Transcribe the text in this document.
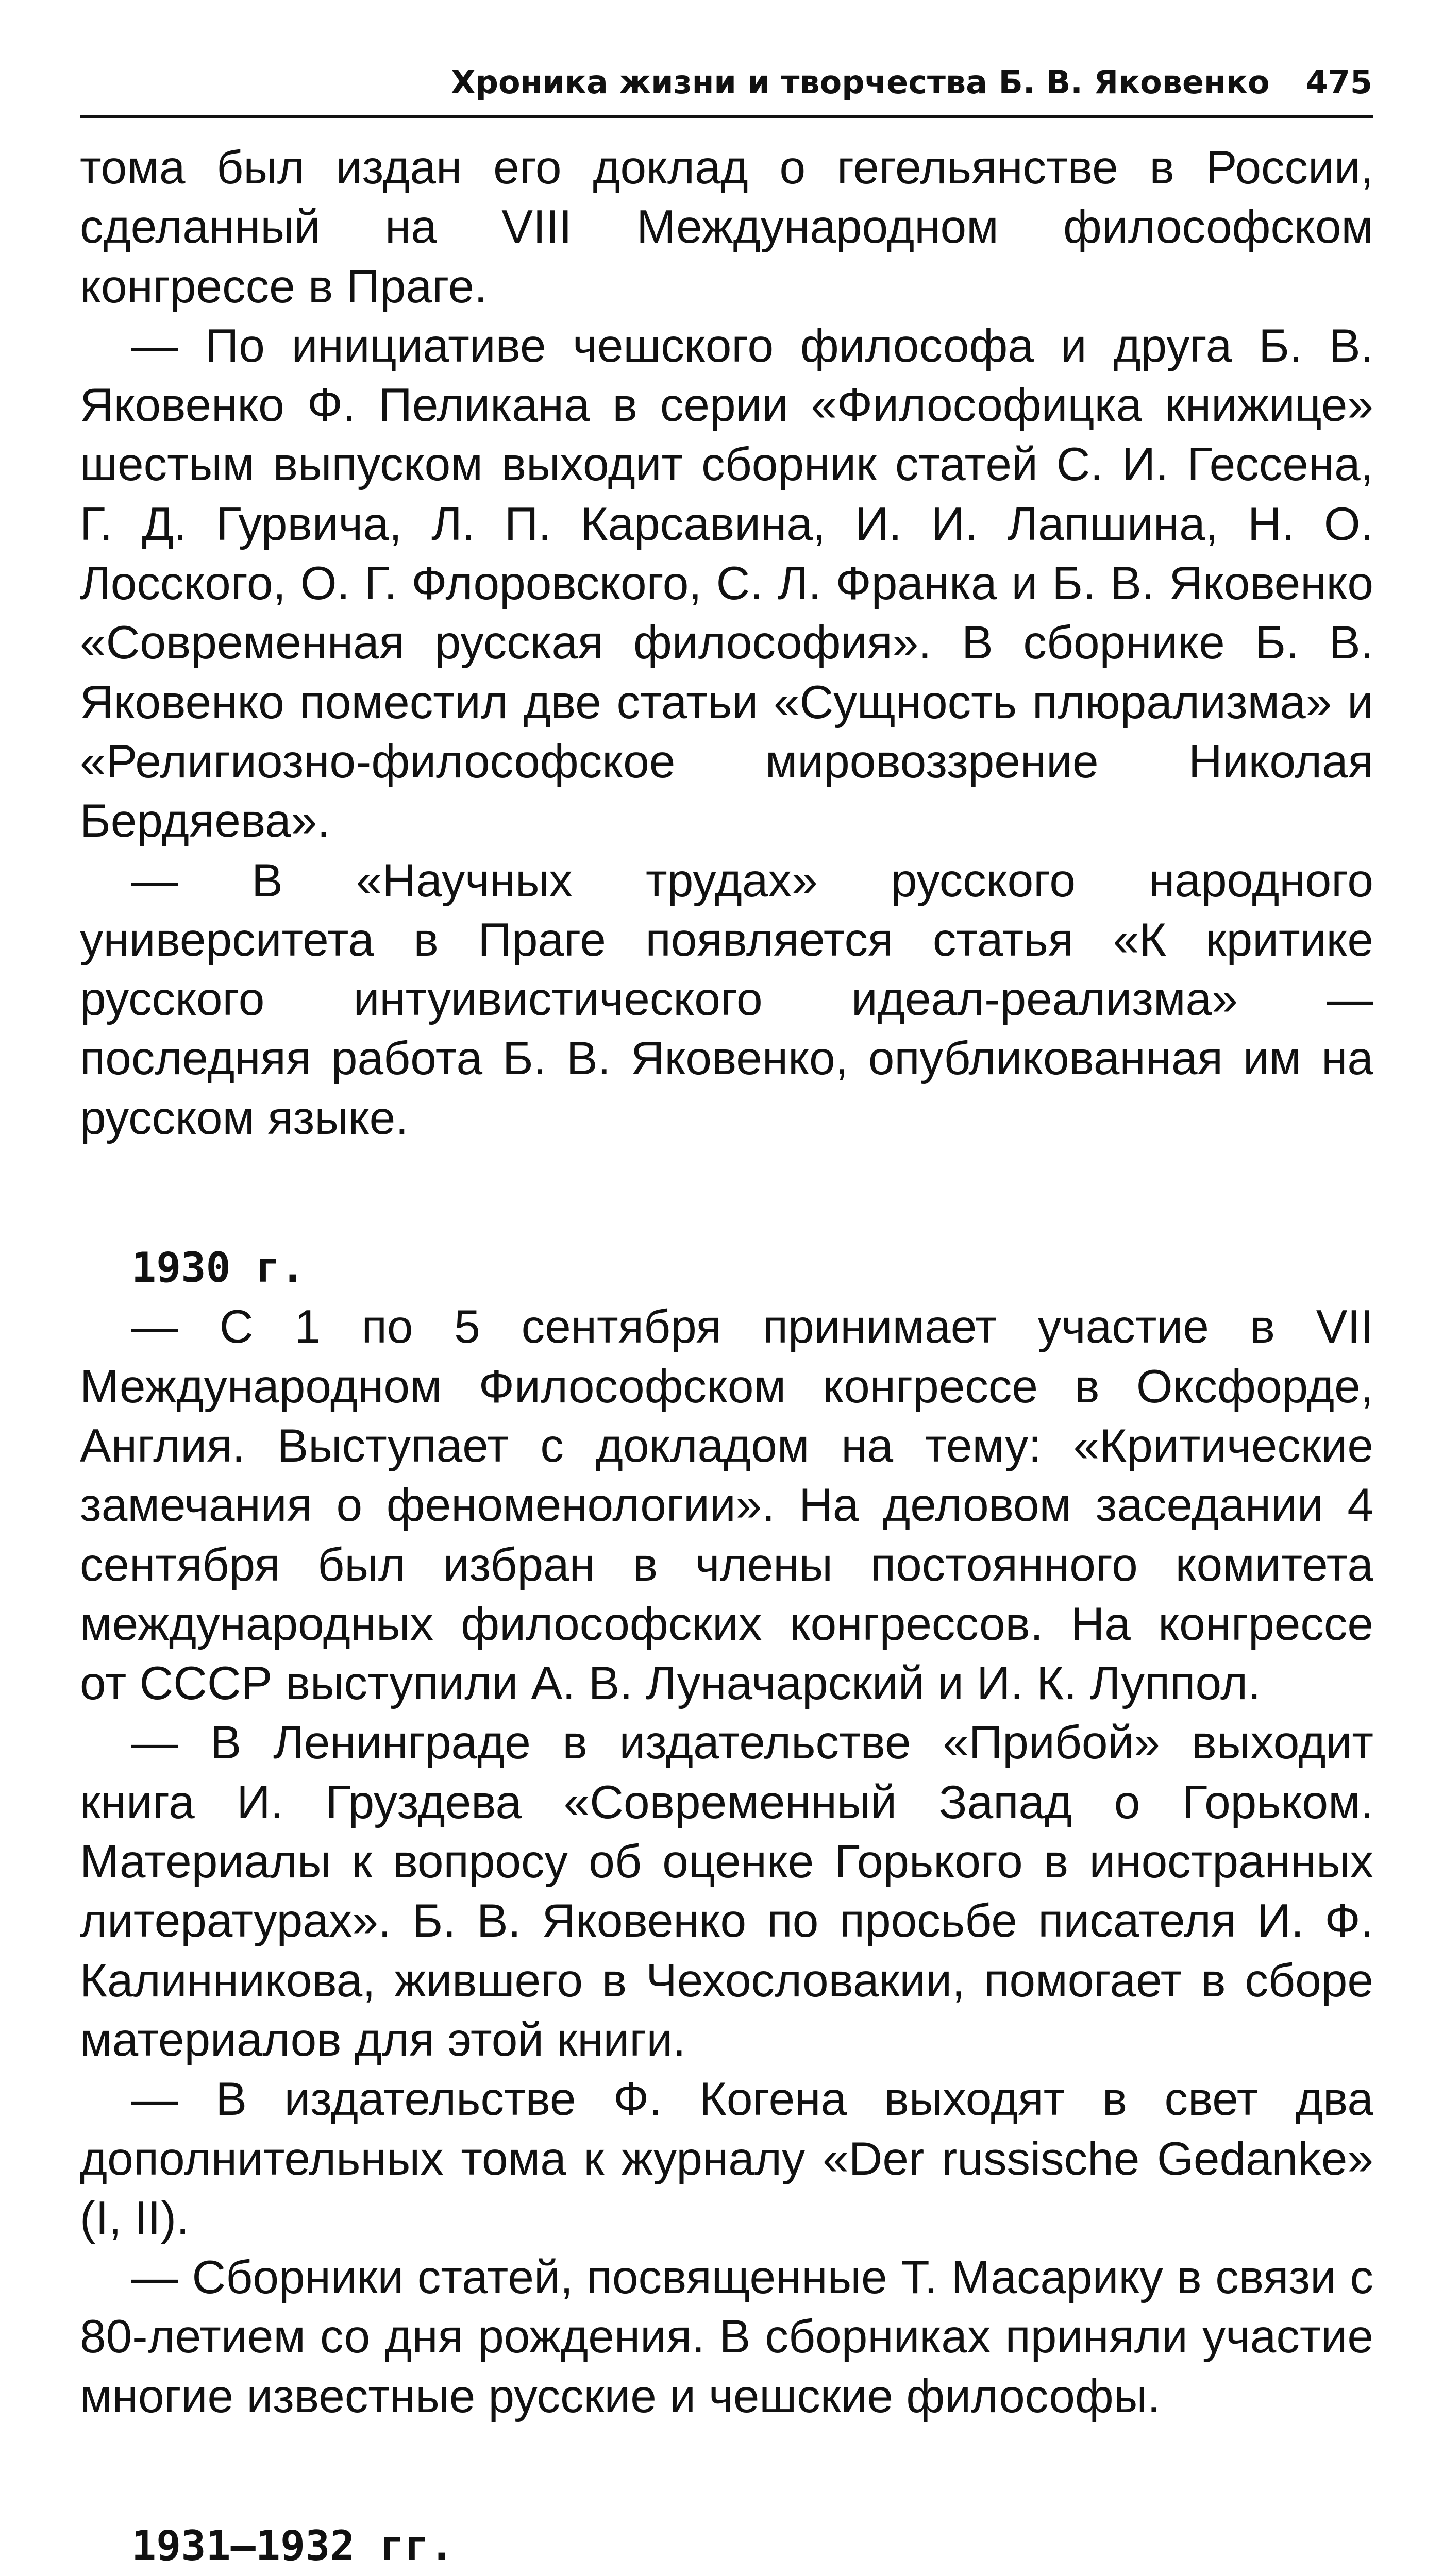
Хроника жизни и творчества Б. В. Яковенко 475

тома был издан его доклад о гегельянстве в России, сделанный на VIII Международном философском конгрессе в Праге.

— По инициативе чешского философа и друга Б. В. Яковенко Ф. Пеликана в серии «Философицка книжице» шестым выпуском выходит сборник статей С. И. Гессена, Г. Д. Гурвича, Л. П. Карсавина, И. И. Лапшина, Н. О. Лосского, О. Г. Флоровского, С. Л. Франка и Б. В. Яковенко «Современная русская философия». В сборнике Б. В. Яковенко поместил две статьи «Сущность плюрализма» и «Религиозно-философское мировоззрение Николая Бердяева».

— В «Научных трудах» русского народного университета в Праге появляется статья «К критике русского интуивистического идеал-реализма» — последняя работа Б. В. Яковенко, опубликованная им на русском языке.

1930 г.

— С 1 по 5 сентября принимает участие в VII Международном Философском конгрессе в Оксфорде, Англия. Выступает с докладом на тему: «Критические замечания о феноменологии». На деловом заседании 4 сентября был избран в члены постоянного комитета международных философских конгрессов. На конгрессе от СССР выступили А. В. Луначарский и И. К. Луппол.

— В Ленинграде в издательстве «Прибой» выходит книга И. Груздева «Современный Запад о Горьком. Материалы к вопросу об оценке Горького в иностранных литературах». Б. В. Яковенко по просьбе писателя И. Ф. Калинникова, жившего в Чехословакии, помогает в сборе материалов для этой книги.

— В издательстве Ф. Когена выходят в свет два дополнительных тома к журналу «Der russische Gedanke» (I, II).

— Сборники статей, посвященные Т. Масарику в связи с 80-летием со дня рождения. В сборниках приняли участие многие известные русские и чешские философы.

1931–1932 гг.
